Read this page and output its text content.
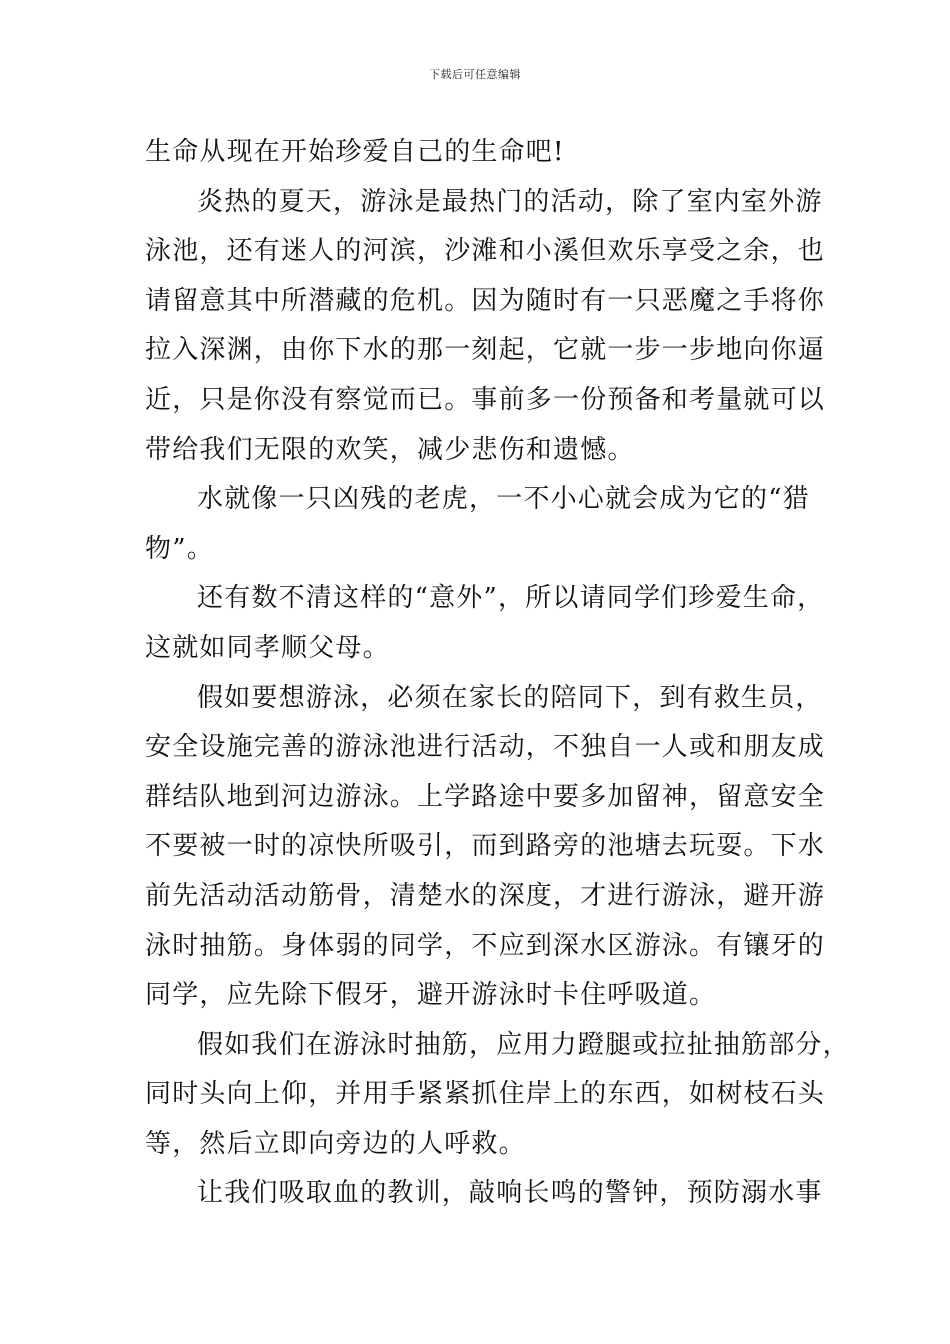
下载后可任意编辑
生命从现在开始珍爱自己的生命吧!
炎热的夏天，游泳是最热门的活动，除了室内室外游
泳池，还有迷人的河滨，沙滩和小溪但欢乐享受之余，也
请留意其中所潜藏的危机。因为随时有一只恶魔之手将你
拉入深渊，由你下水的那一刻起，它就一步一步地向你逼
近，只是你没有察觉而已。事前多一份预备和考量就可以
带给我们无限的欢笑，减少悲伤和遗憾。
水就像一只凶残的老虎，一不小心就会成为它的“猎
物”。
还有数不清这样的“意外”，所以请同学们珍爱生命，
这就如同孝顺父母。
假如要想游泳，必须在家长的陪同下，到有救生员，
安全设施完善的游泳池进行活动，不独自一人或和朋友成
群结队地到河边游泳。上学路途中要多加留神，留意安全
不要被一时的凉快所吸引，而到路旁的池塘去玩耍。下水
前先活动活动筋骨，清楚水的深度，才进行游泳，避开游
泳时抽筋。身体弱的同学，不应到深水区游泳。有镶牙的
同学，应先除下假牙，避开游泳时卡住呼吸道。
假如我们在游泳时抽筋，应用力蹬腿或拉扯抽筋部分，
同时头向上仰，并用手紧紧抓住岸上的东西，如树枝石头
等，然后立即向旁边的人呼救。
让我们吸取血的教训，敲响长鸣的警钟，预防溺水事
